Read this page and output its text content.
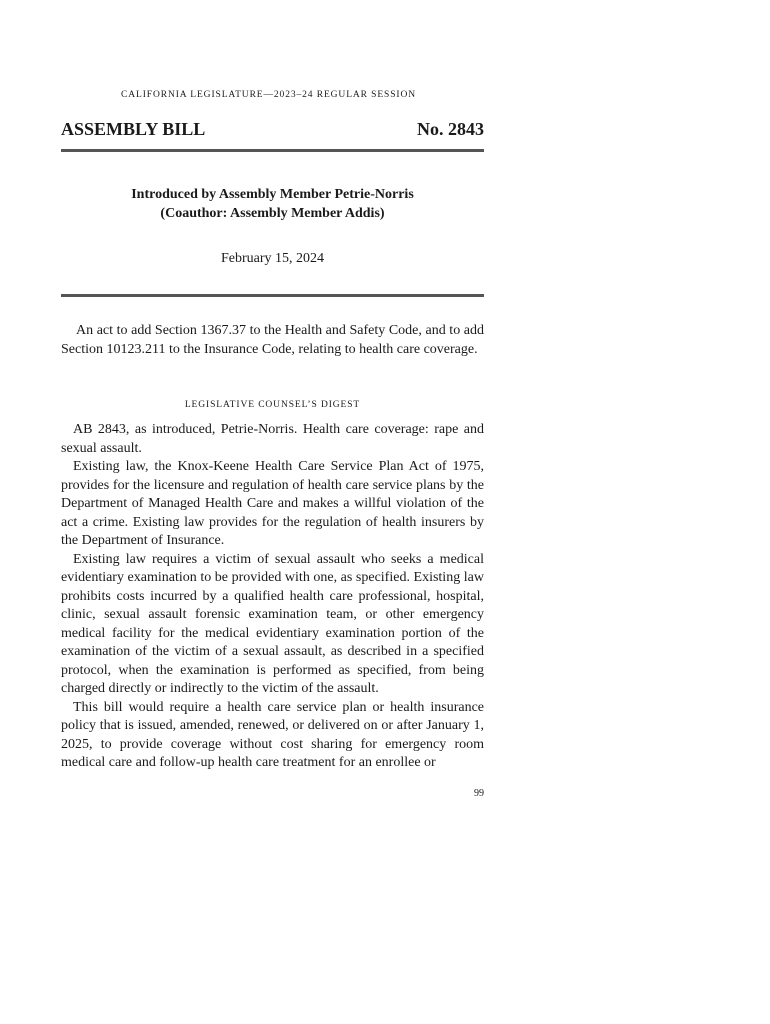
CALIFORNIA LEGISLATURE—2023–24 REGULAR SESSION
ASSEMBLY BILL	No. 2843
Introduced by Assembly Member Petrie-Norris
(Coauthor: Assembly Member Addis)
February 15, 2024

An act to add Section 1367.37 to the Health and Safety Code, and to add Section 10123.211 to the Insurance Code, relating to health care coverage.

LEGISLATIVE COUNSEL’S DIGEST

AB 2843, as introduced, Petrie-Norris. Health care coverage: rape and sexual assault.

Existing law, the Knox-Keene Health Care Service Plan Act of 1975, provides for the licensure and regulation of health care service plans by the Department of Managed Health Care and makes a willful violation of the act a crime. Existing law provides for the regulation of health insurers by the Department of Insurance.

Existing law requires a victim of sexual assault who seeks a medical evidentiary examination to be provided with one, as specified. Existing law prohibits costs incurred by a qualified health care professional, hospital, clinic, sexual assault forensic examination team, or other emergency medical facility for the medical evidentiary examination portion of the examination of the victim of a sexual assault, as described in a specified protocol, when the examination is performed as specified, from being charged directly or indirectly to the victim of the assault.

This bill would require a health care service plan or health insurance policy that is issued, amended, renewed, or delivered on or after January 1, 2025, to provide coverage without cost sharing for emergency room medical care and follow-up health care treatment for an enrollee or

99
